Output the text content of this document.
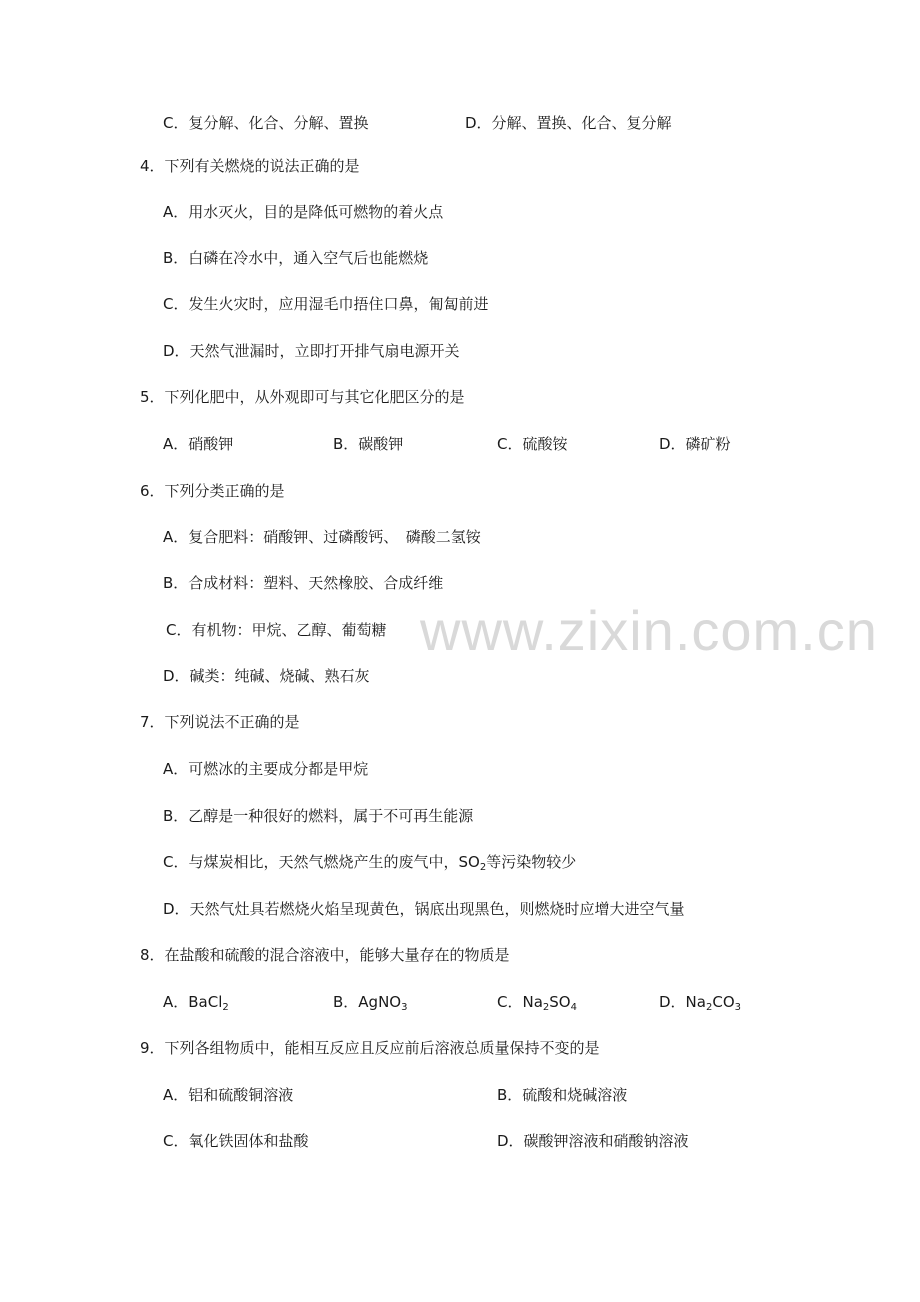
www.zixin.com.cn
C．复分解、化合、分解、置换	D．分解、置换、化合、复分解
4．下列有关燃烧的说法正确的是
A．用水灭火，目的是降低可燃物的着火点
B．白磷在冷水中，通入空气后也能燃烧
C．发生火灾时，应用湿毛巾捂住口鼻，匍匐前进
D．天然气泄漏时，立即打开排气扇电源开关
5．下列化肥中，从外观即可与其它化肥区分的是
A．硝酸钾	B．碳酸钾	C．硫酸铵	D．磷矿粉
6．下列分类正确的是
A．复合肥料：硝酸钾、过磷酸钙、　磷酸二氢铵
B．合成材料：塑料、天然橡胶、合成纤维
C．有机物：甲烷、乙醇、葡萄糖
D．碱类：纯碱、烧碱、熟石灰
7．下列说法不正确的是
A．可燃冰的主要成分都是甲烷
B．乙醇是一种很好的燃料，属于不可再生能源
C．与煤炭相比，天然气燃烧产生的废气中，$SO_2$等污染物较少
D．天然气灶具若燃烧火焰呈现黄色，锅底出现黑色，则燃烧时应增大进空气量
8．在盐酸和硫酸的混合溶液中，能够大量存在的物质是
A．BaCl$_2$	B．AgNO$_3$	C．$Na_2SO_4$	D．$Na_2CO_3$
9．下列各组物质中，能相互反应且反应前后溶液总质量保持不变的是
A．铝和硫酸铜溶液	B．硫酸和烧碱溶液
C．氧化铁固体和盐酸	D．碳酸钾溶液和硝酸钠溶液
